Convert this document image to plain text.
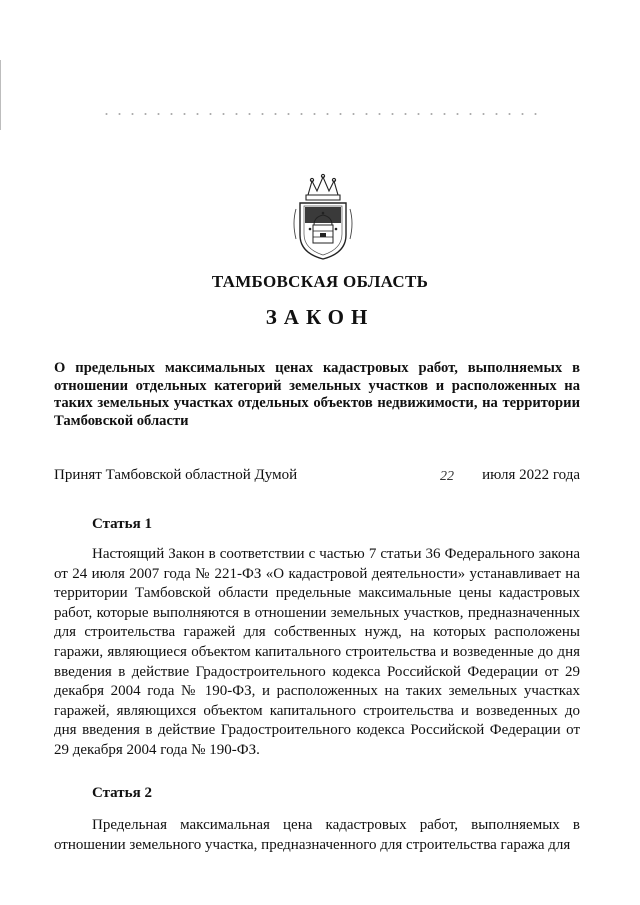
ТАМБОВСКАЯ ОБЛАСТЬ
ЗАКОН
О предельных максимальных ценах кадастровых работ, выполняемых в отношении отдельных категорий земельных участков и расположенных на таких земельных участках отдельных объектов недвижимости, на территории Тамбовской области
Принят Тамбовской областной Думой	22 июля 2022 года
Статья 1
Настоящий Закон в соответствии с частью 7 статьи 36 Федерального закона от 24 июля 2007 года № 221-ФЗ «О кадастровой деятельности» устанавливает на территории Тамбовской области предельные максимальные цены кадастровых работ, которые выполняются в отношении земельных участков, предназначенных для строительства гаражей для собственных нужд, на которых расположены гаражи, являющиеся объектом капитального строительства и возведенные до дня введения в действие Градостроительного кодекса Российской Федерации от 29 декабря 2004 года № 190-ФЗ, и расположенных на таких земельных участках гаражей, являющихся объектом капитального строительства и возведенных до дня введения в действие Градостроительного кодекса Российской Федерации от 29 декабря 2004 года № 190-ФЗ.
Статья 2
Предельная максимальная цена кадастровых работ, выполняемых в отношении земельного участка, предназначенного для строительства гаража для
